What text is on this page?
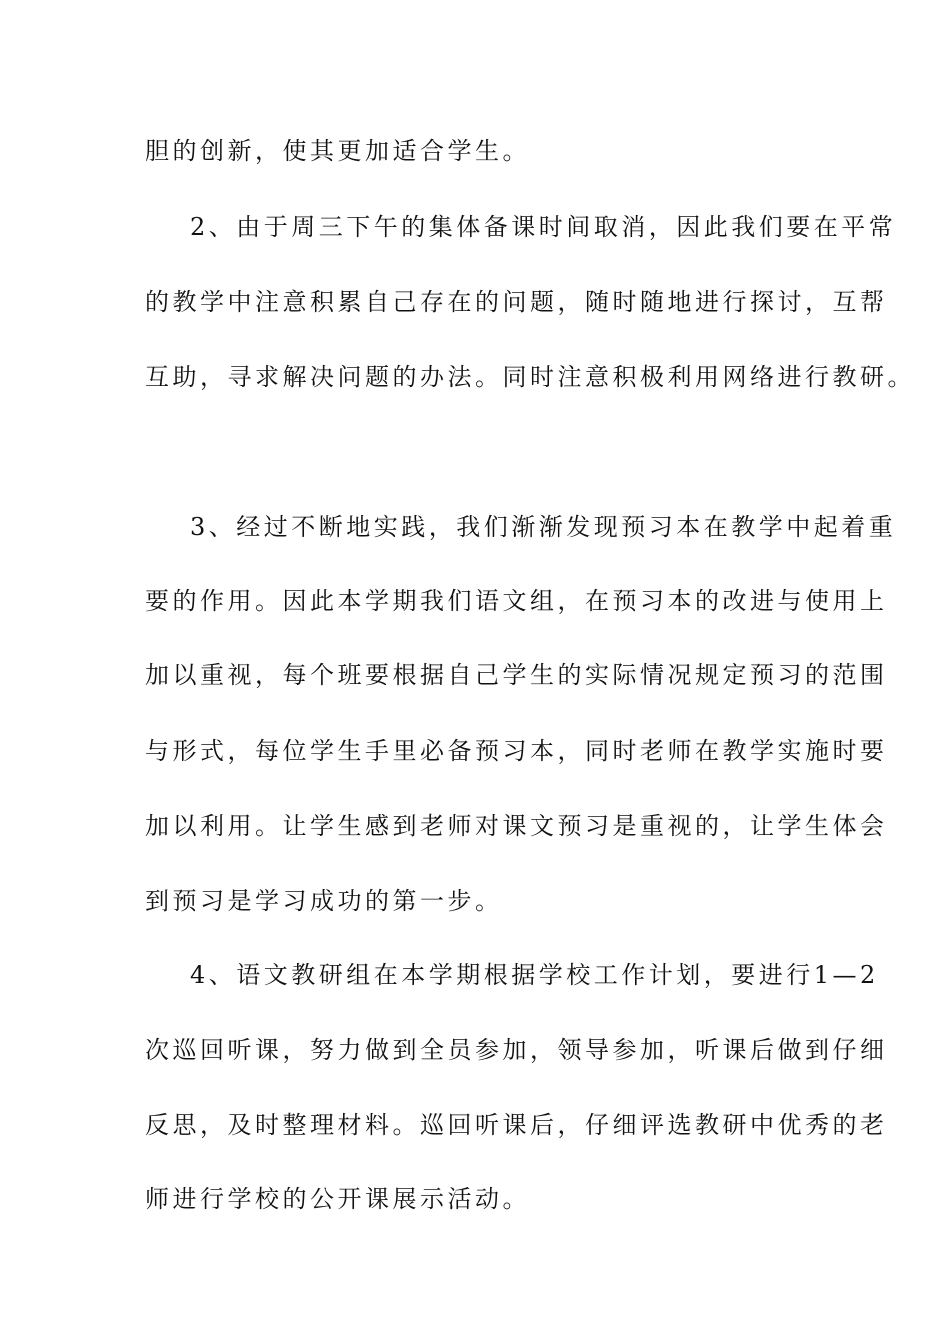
胆的创新，使其更加适合学生。
2、由于周三下午的集体备课时间取消，因此我们要在平常
的教学中注意积累自己存在的问题，随时随地进行探讨，互帮
互助，寻求解决问题的办法。同时注意积极利用网络进行教研。
3、经过不断地实践，我们渐渐发现预习本在教学中起着重
要的作用。因此本学期我们语文组，在预习本的改进与使用上
加以重视，每个班要根据自己学生的实际情况规定预习的范围
与形式，每位学生手里必备预习本，同时老师在教学实施时要
加以利用。让学生感到老师对课文预习是重视的，让学生体会
到预习是学习成功的第一步。
4、语文教研组在本学期根据学校工作计划，要进行1—2
次巡回听课，努力做到全员参加，领导参加，听课后做到仔细
反思，及时整理材料。巡回听课后，仔细评选教研中优秀的老
师进行学校的公开课展示活动。
